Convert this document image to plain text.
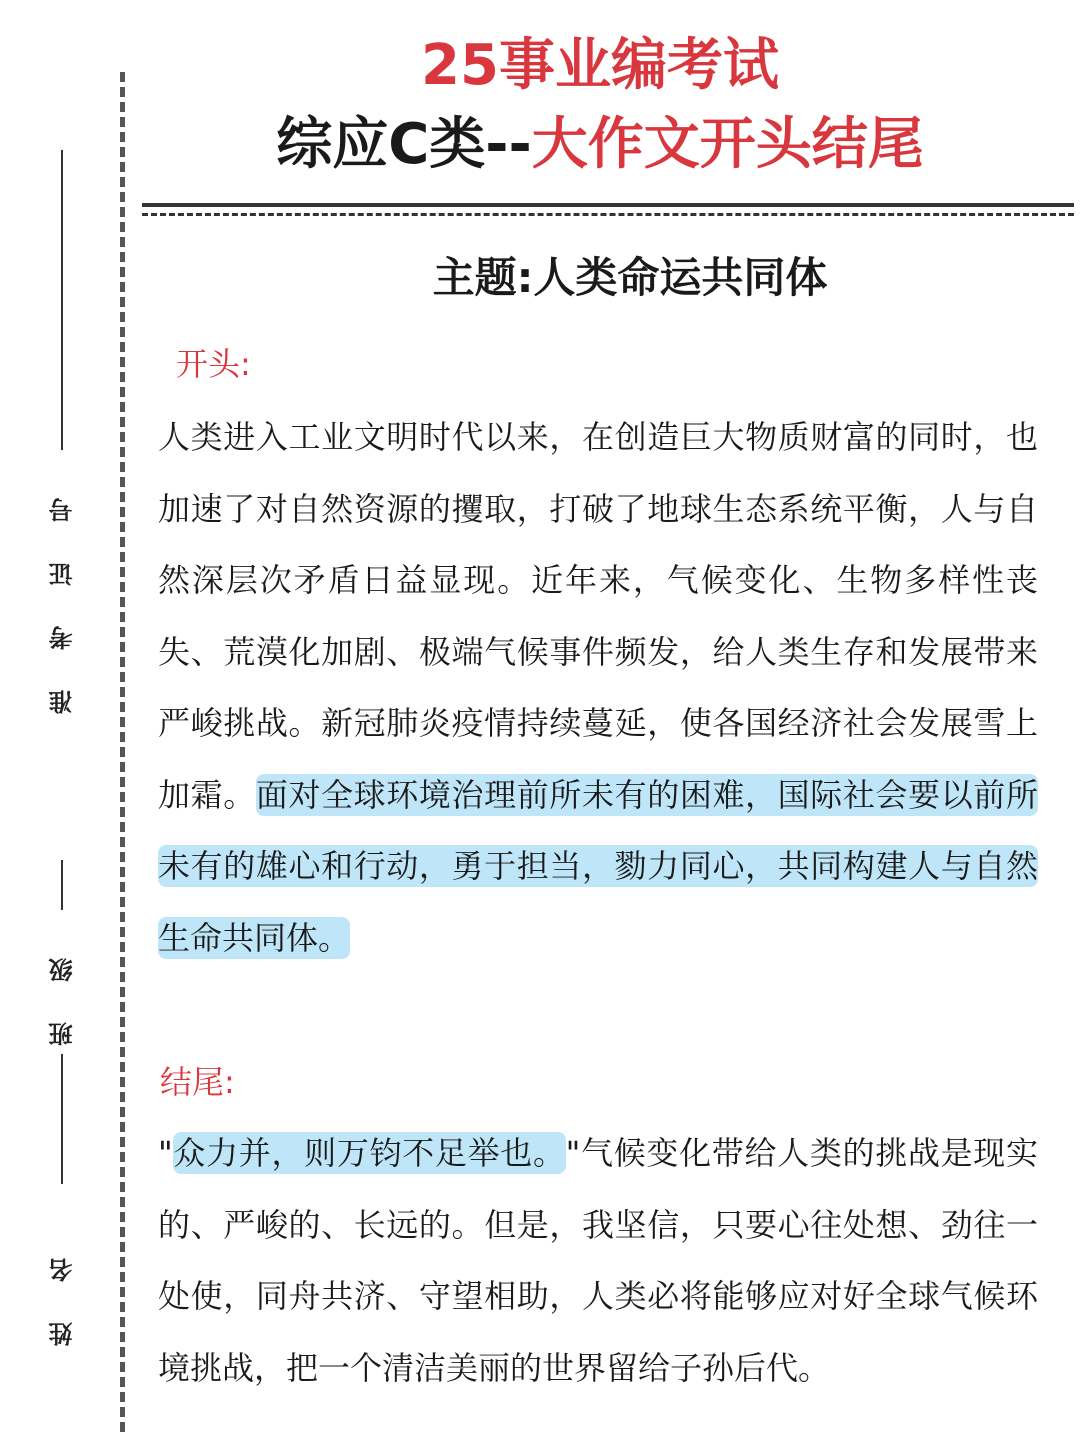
准考证号
班级
姓名
25事业编考试
综应C类--大作文开头结尾
主题:人类命运共同体
开头:
人类进入工业文明时代以来，在创造巨大物质财富的同时，也加速了对自然资源的攫取，打破了地球生态系统平衡，人与自然深层次矛盾日益显现。近年来，气候变化、生物多样性丧失、荒漠化加剧、极端气候事件频发，给人类生存和发展带来严峻挑战。新冠肺炎疫情持续蔓延，使各国经济社会发展雪上加霜。面对全球环境治理前所未有的困难，国际社会要以前所未有的雄心和行动，勇于担当，勠力同心，共同构建人与自然生命共同体。
结尾:
"众力并，则万钧不足举也。"气候变化带给人类的挑战是现实的、严峻的、长远的。但是，我坚信，只要心往处想、劲往一处使，同舟共济、守望相助，人类必将能够应对好全球气候环境挑战，把一个清洁美丽的世界留给子孙后代。
